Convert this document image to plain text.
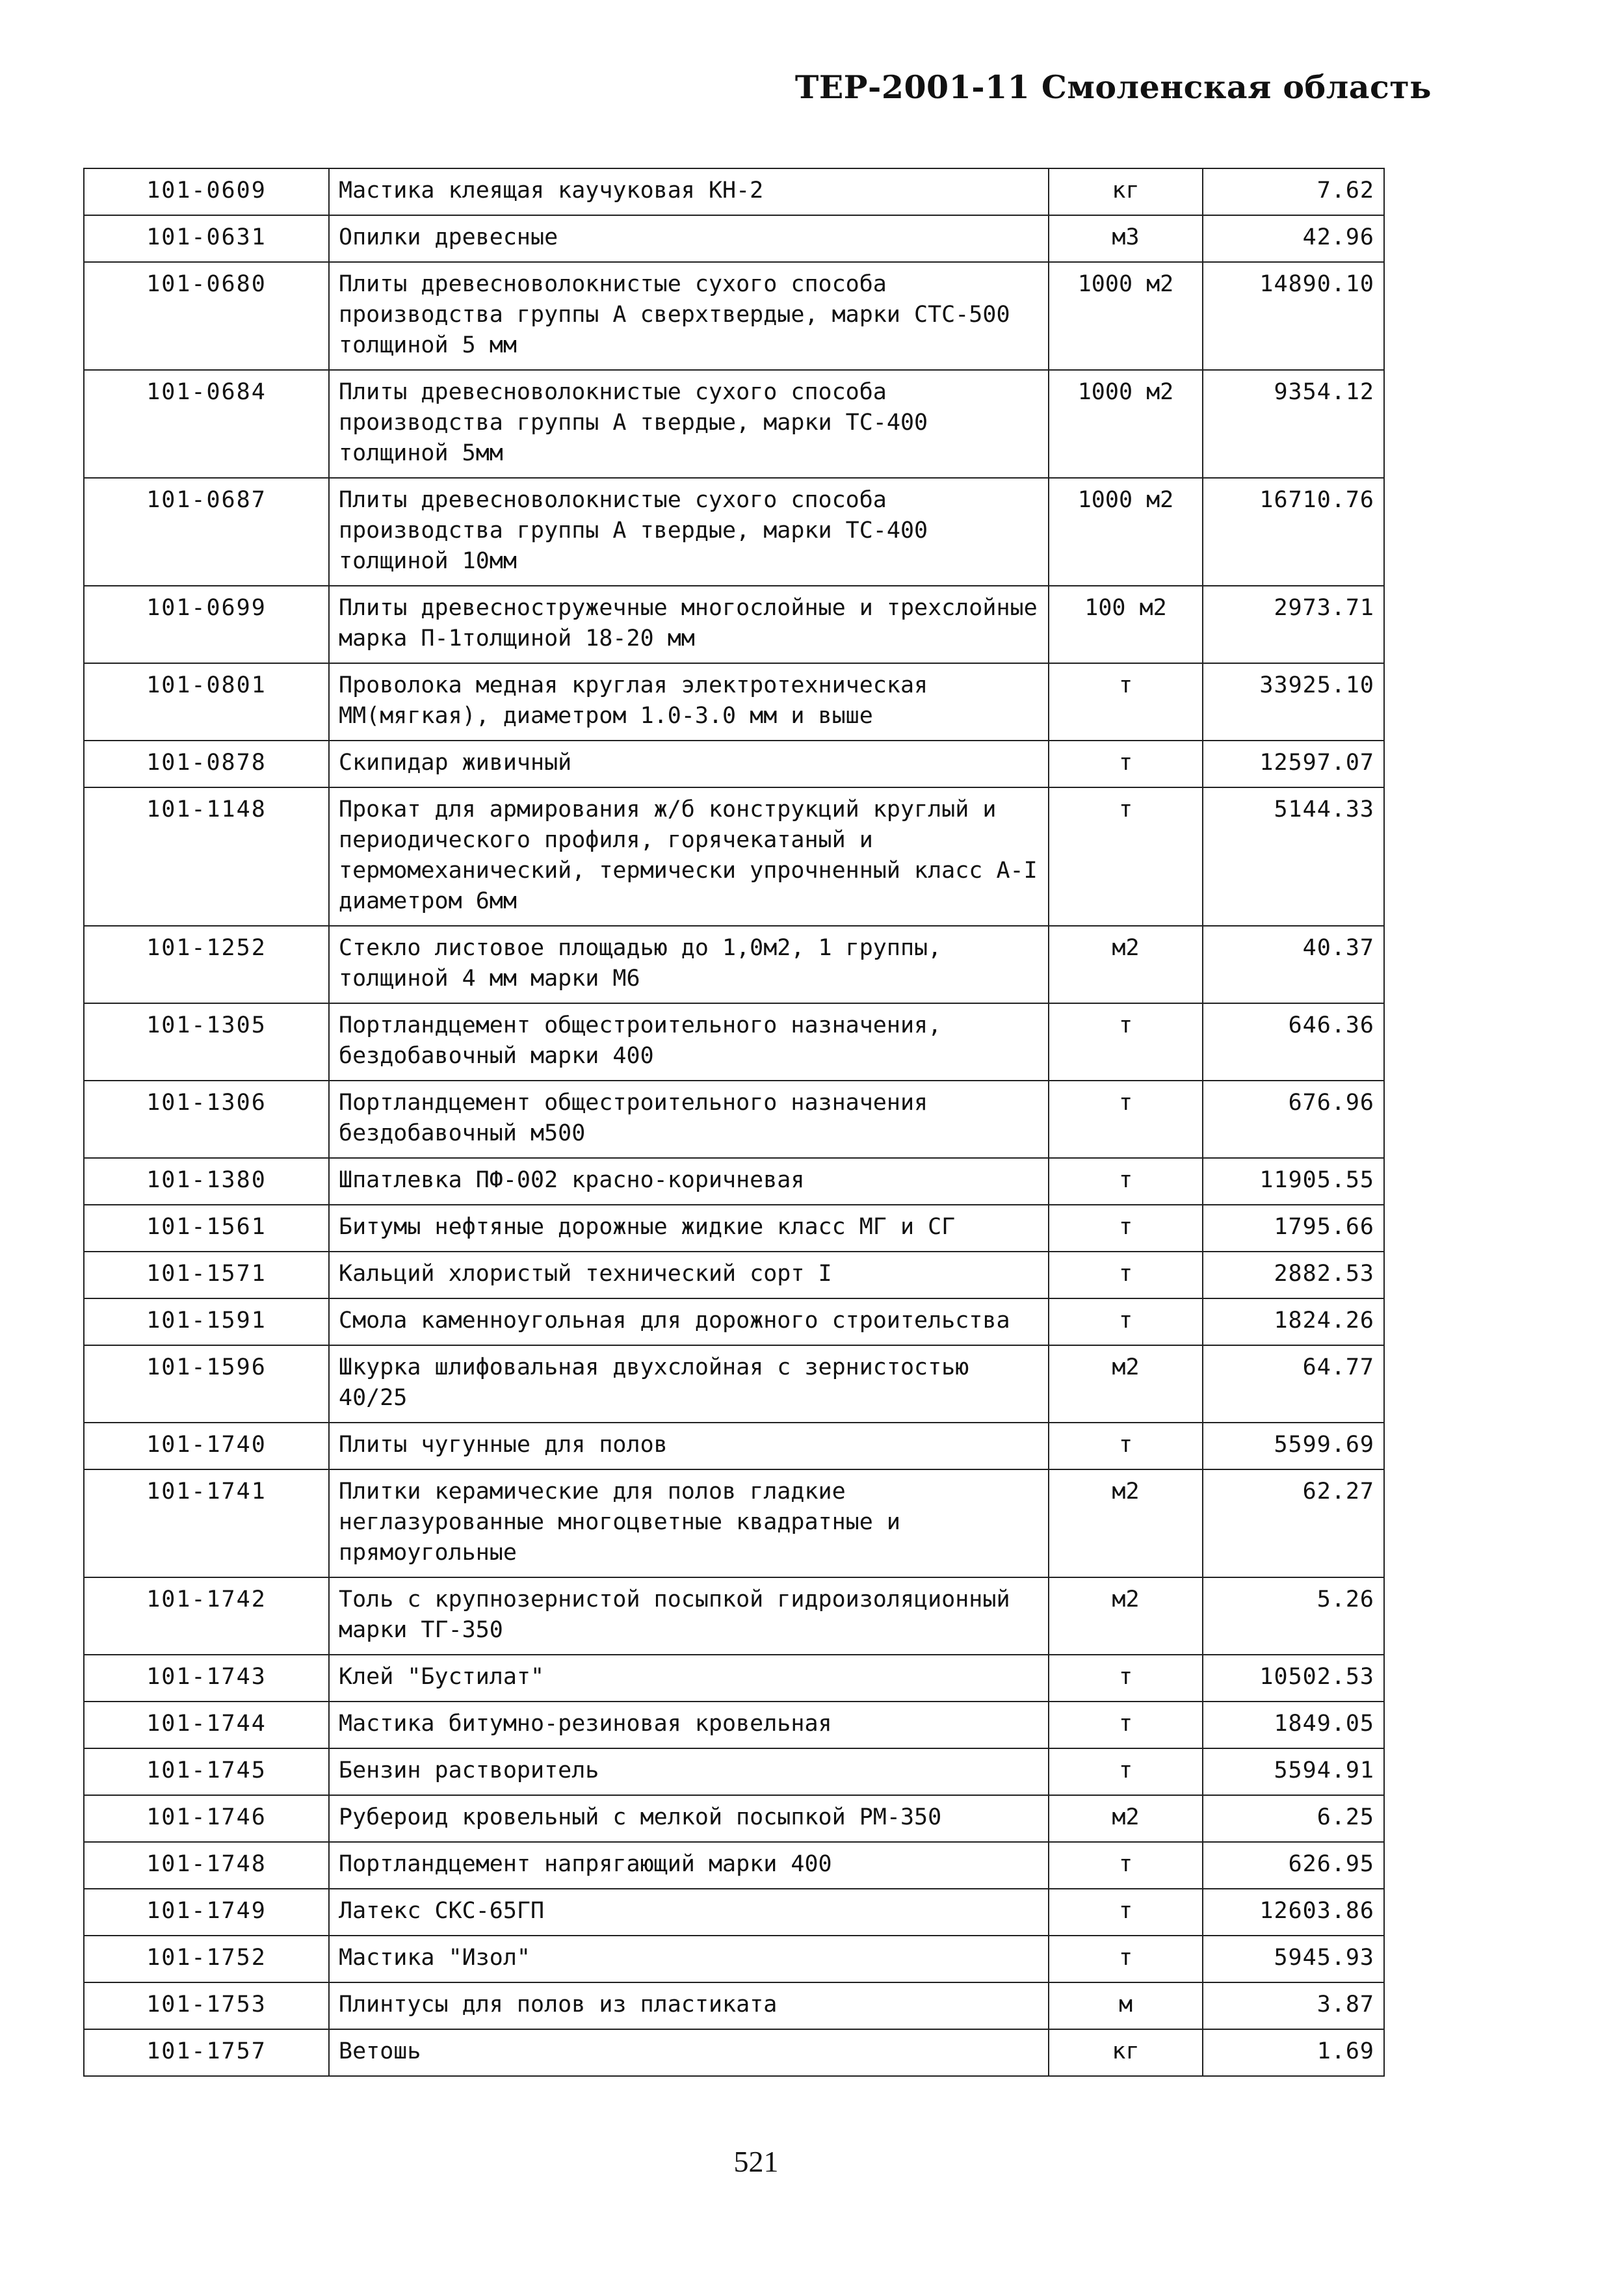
ТЕР-2001-11 Смоленская область
101-0609	Мастика клеящая каучуковая КН-2	кг	7.62
101-0631	Опилки древесные	м3	42.96
101-0680	Плиты древесноволокнистые сухого способа производства группы А сверхтвердые, марки СТС-500 толщиной 5 мм	1000 м2	14890.10
101-0684	Плиты древесноволокнистые сухого способа производства группы А твердые, марки ТС-400 толщиной 5мм	1000 м2	9354.12
101-0687	Плиты древесноволокнистые сухого способа производства группы А твердые, марки ТС-400 толщиной 10мм	1000 м2	16710.76
101-0699	Плиты древесностружечные многослойные и трехслойные марка П-1толщиной 18-20 мм	100 м2	2973.71
101-0801	Проволока медная круглая электротехническая ММ(мягкая), диаметром 1.0-3.0 мм и выше	т	33925.10
101-0878	Скипидар живичный	т	12597.07
101-1148	Прокат для армирования ж/б конструкций круглый и периодического профиля, горячекатаный и термомеханический, термически упрочненный класс А-I диаметром 6мм	т	5144.33
101-1252	Стекло листовое площадью до 1,0м2, 1 группы, толщиной 4 мм марки М6	м2	40.37
101-1305	Портландцемент общестроительного назначения, бездобавочный марки 400	т	646.36
101-1306	Портландцемент общестроительного назначения бездобавочный м500	т	676.96
101-1380	Шпатлевка ПФ-002 красно-коричневая	т	11905.55
101-1561	Битумы нефтяные дорожные жидкие класс МГ и СГ	т	1795.66
101-1571	Кальций хлористый технический сорт I	т	2882.53
101-1591	Смола каменноугольная для дорожного строительства	т	1824.26
101-1596	Шкурка шлифовальная двухслойная с зернистостью 40/25	м2	64.77
101-1740	Плиты чугунные для полов	т	5599.69
101-1741	Плитки керамические для полов гладкие неглазурованные многоцветные квадратные и прямоугольные	м2	62.27
101-1742	Толь с крупнозернистой посыпкой гидроизоляционный марки ТГ-350	м2	5.26
101-1743	Клей "Бустилат"	т	10502.53
101-1744	Мастика битумно-резиновая кровельная	т	1849.05
101-1745	Бензин растворитель	т	5594.91
101-1746	Рубероид кровельный с мелкой посыпкой РМ-350	м2	6.25
101-1748	Портландцемент напрягающий марки 400	т	626.95
101-1749	Латекс СКС-65ГП	т	12603.86
101-1752	Мастика "Изол"	т	5945.93
101-1753	Плинтусы для полов из пластиката	м	3.87
101-1757	Ветошь	кг	1.69
521
